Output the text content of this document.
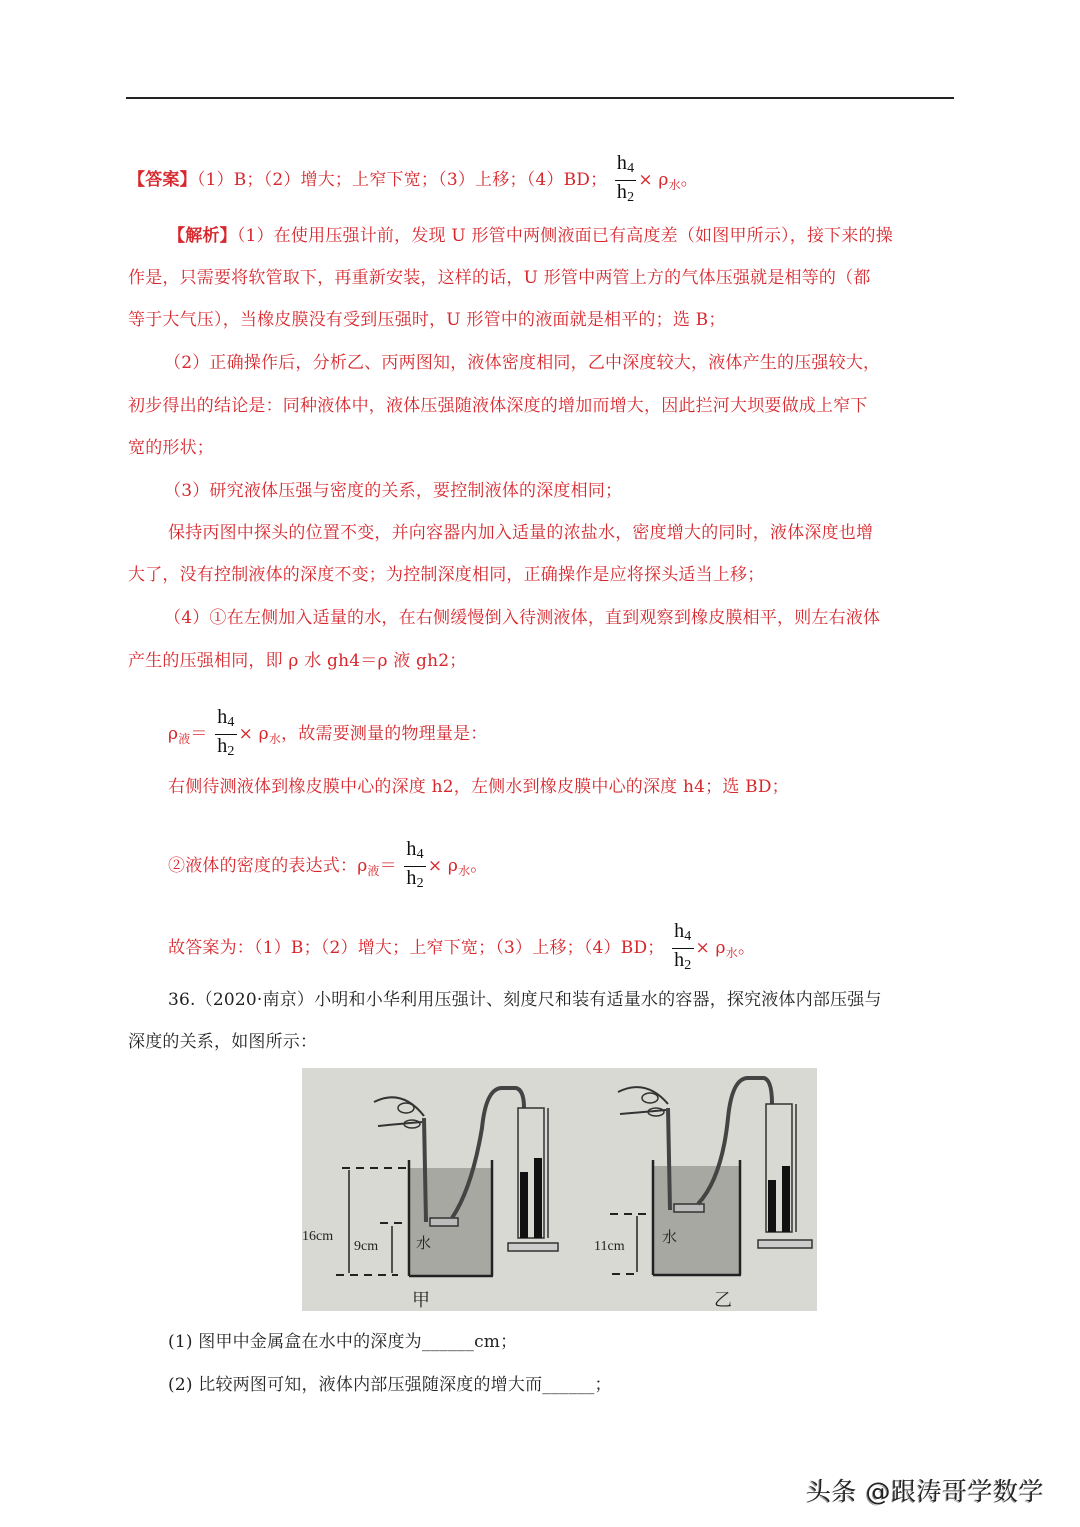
【答案】（1）B；（2）增大；上窄下宽；（3）上移；（4）BD； $\frac{h_4}{h_2} \times \rho_水$。
【解析】（1）在使用压强计前，发现 U 形管中两侧液面已有高度差（如图甲所示），接下来的操
作是，只需要将软管取下，再重新安装，这样的话，U 形管中两管上方的气体压强就是相等的（都
等于大气压），当橡皮膜没有受到压强时，U 形管中的液面就是相平的；选 B；
（2）正确操作后，分析乙、丙两图知，液体密度相同，乙中深度较大，液体产生的压强较大，
初步得出的结论是：同种液体中，液体压强随液体深度的增加而增大，因此拦河大坝要做成上窄下
宽的形状；
（3）研究液体压强与密度的关系，要控制液体的深度相同；
保持丙图中探头的位置不变，并向容器内加入适量的浓盐水，密度增大的同时，液体深度也增
大了，没有控制液体的深度不变；为控制深度相同，正确操作是应将探头适当上移；
（4）①在左侧加入适量的水，在右侧缓慢倒入待测液体，直到观察到橡皮膜相平，则左右液体
产生的压强相同，即 ρ 水 gh4＝ρ 液 gh2；
$\rho_液= \frac{h_4}{h_2} \times \rho_水$，故需要测量的物理量是：
右侧待测液体到橡皮膜中心的深度 h2，左侧水到橡皮膜中心的深度 h4；选 BD；
②液体的密度的表达式：$\rho_液= \frac{h_4}{h_2} \times \rho_水$。
故答案为：（1）B；（2）增大；上窄下宽；（3）上移；（4）BD； $\frac{h_4}{h_2} \times \rho_水$。
36.（2020·南京）小明和小华利用压强计、刻度尺和装有适量水的容器，探究液体内部压强与
深度的关系，如图所示：
16cm
9cm	水
甲
11cm
水
乙
(1) 图甲中金属盒在水中的深度为______cm；
(2) 比较两图可知，液体内部压强随深度的增大而______；
头条 @跟涛哥学数学
